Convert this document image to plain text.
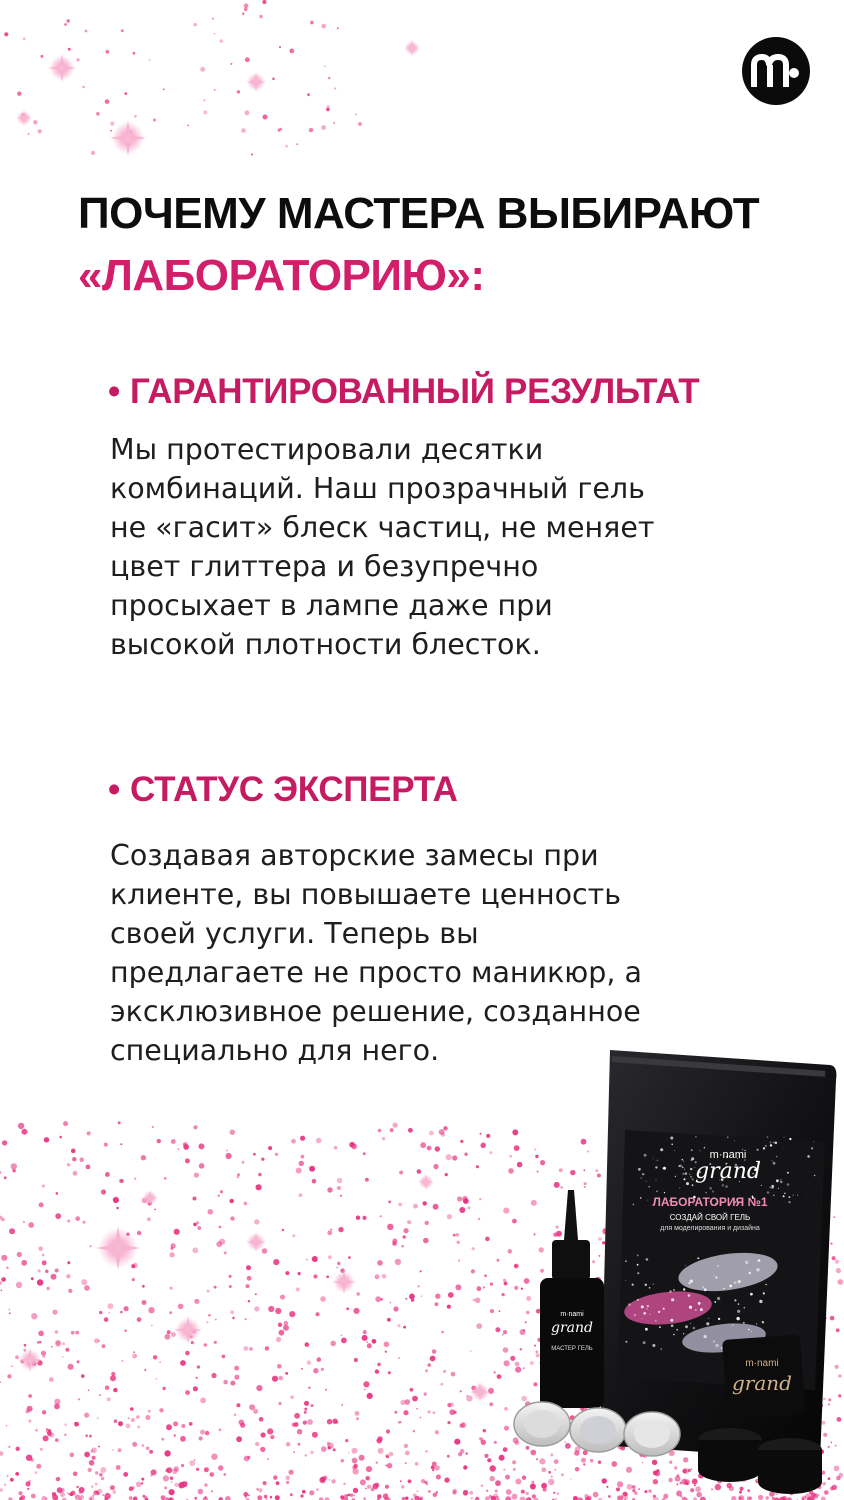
ПОЧЕМУ МАСТЕРА ВЫБИРАЮТ
«ЛАБОРАТОРИЮ»:
• ГАРАНТИРОВАННЫЙ РЕЗУЛЬТАТ

Мы протестировали десятки комбинаций. Наш прозрачный гель не «гасит» блеск частиц, не меняет цвет глиттера и безупречно просыхает в лампе даже при высокой плотности блесток.

• СТАТУС ЭКСПЕРТА

Создавая авторские замесы при клиенте, вы повышаете ценность своей услуги. Теперь вы предлагаете не просто маникюр, а эксклюзивное решение, созданное специально для него.

m·nami
grand
ЛАБОРАТОРИЯ №1
СОЗДАЙ СВОЙ ГЕЛЬ
для моделирования и дизайна
m·nami
grand
МАСТЕР ГЕЛЬ
m·nami
grand
